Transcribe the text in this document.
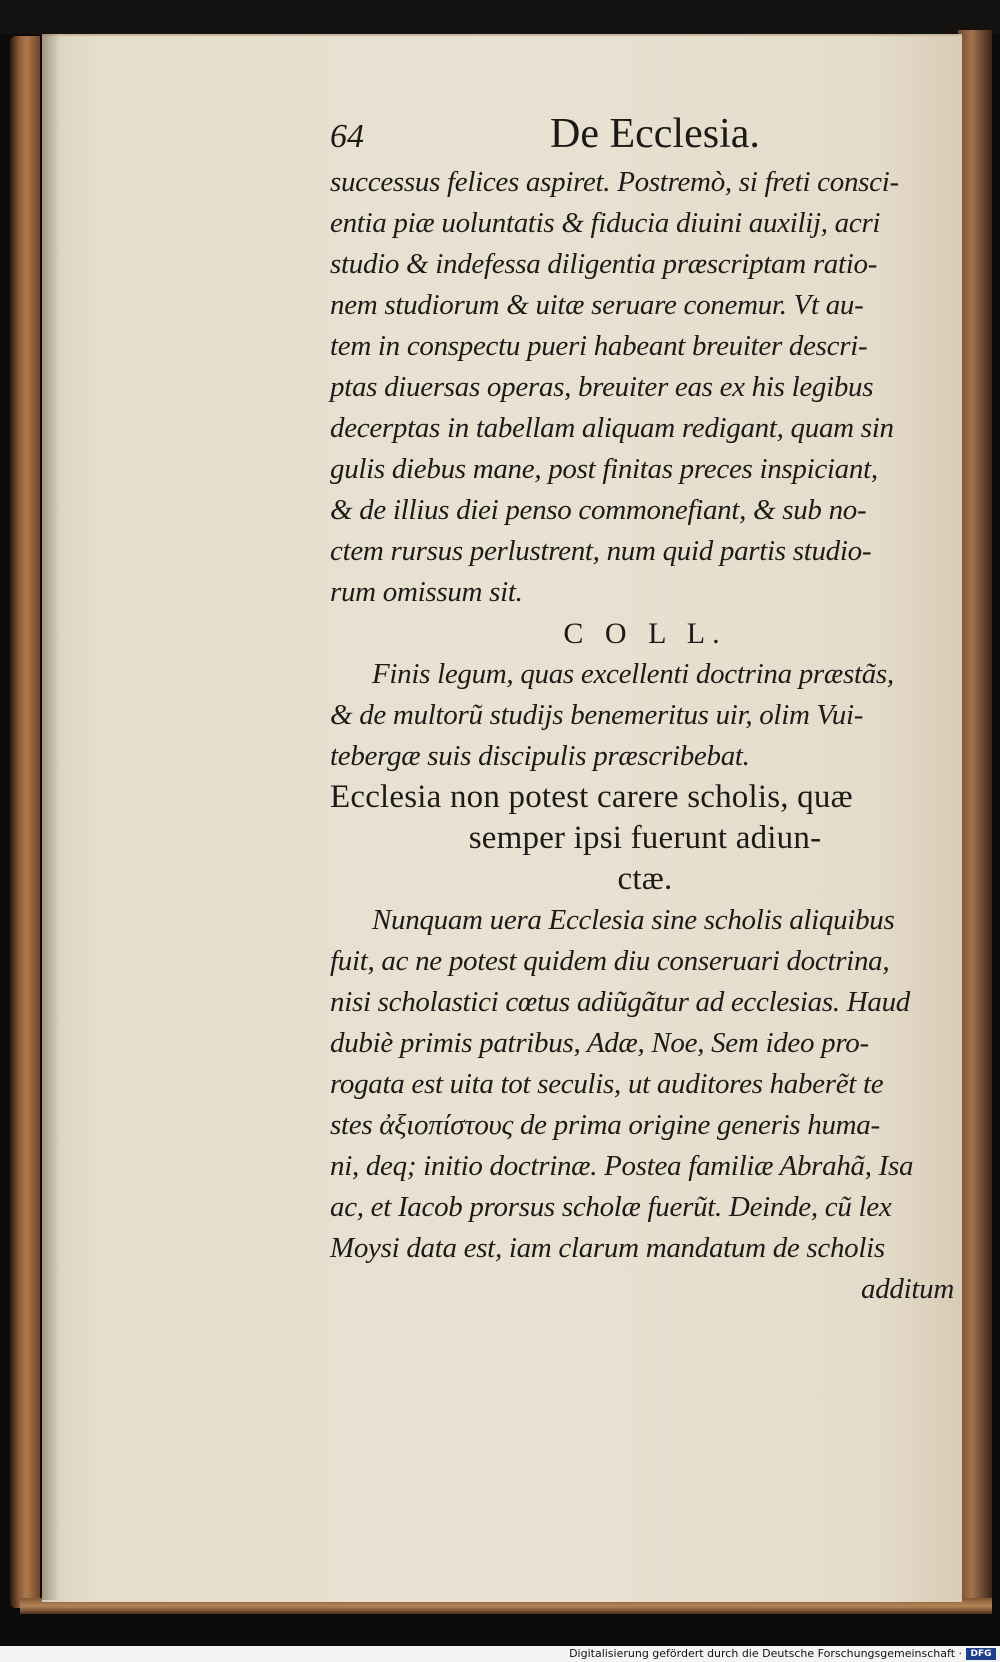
64	De Ecclesia.
successus felices aspiret. Postremò, si freti consci-
entia piæ uoluntatis & fiducia diuini auxilij, acri
studio & indefessa diligentia præscriptam ratio-
nem studiorum & uitæ seruare conemur. Vt au-
tem in conspectu pueri habeant breuiter descri-
ptas diuersas operas, breuiter eas ex his legibus
decerptas in tabellam aliquam redigant, quam sin
gulis diebus mane, post finitas preces inspiciant,
& de illius diei penso commonefiant, & sub no-
ctem rursus perlustrent, num quid partis studio-
rum omissum sit.
C O L L.
Finis legum, quas excellenti doctrina præstãs,
& de multorũ studijs benemeritus uir, olim Vui-
tebergæ suis discipulis præscribebat.
Ecclesia non potest carere scholis, quæ
semper ipsi fuerunt adiun-
ctæ.
Nunquam uera Ecclesia sine scholis aliquibus
fuit, ac ne potest quidem diu conseruari doctrina,
nisi scholastici cœtus adiũgãtur ad ecclesias. Haud
dubiè primis patribus, Adæ, Noe, Sem ideo pro-
rogata est uita tot seculis, ut auditores haberẽt te
stes ἀξιοπίστους de prima origine generis huma-
ni, deq; initio doctrinæ. Postea familiæ Abrahã, Isa
ac, et Iacob prorsus scholæ fuerũt. Deinde, cũ lex
Moysi data est, iam clarum mandatum de scholis
additum
Digitalisierung gefördert durch die Deutsche Forschungsgemeinschaft · DFG
